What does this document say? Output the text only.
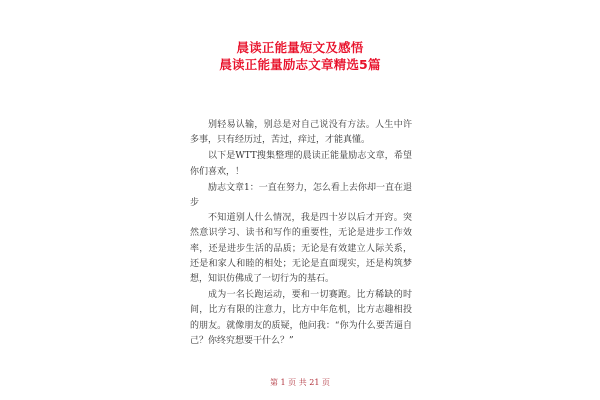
晨读正能量短文及感悟
晨读正能量励志文章精选5篇

别轻易认输，别总是对自己说没有方法。人生中许多事，只有经历过，苦过，痒过，才能真懂。

以下是WTT搜集整理的晨读正能量励志文章，希望你们喜欢，！

励志文章1：一直在努力，怎么看上去你却一直在退步

不知道别人什么情况，我是四十岁以后才开窍。突然意识学习、读书和写作的重要性，无论是进步工作效率，还是进步生活的品质；无论是有效建立人际关系，还是和家人和睦的相处；无论是直面现实，还是构筑梦想，知识仿佛成了一切行为的基石。

成为一名长跑运动，要和一切赛跑。比方稀缺的时间，比方有限的注意力，比方中年危机，比方志趣相投的朋友。就像朋友的质疑，他问我：“你为什么要苦逼自己？你终究想要干什么？”

第 1 页 共 21 页
